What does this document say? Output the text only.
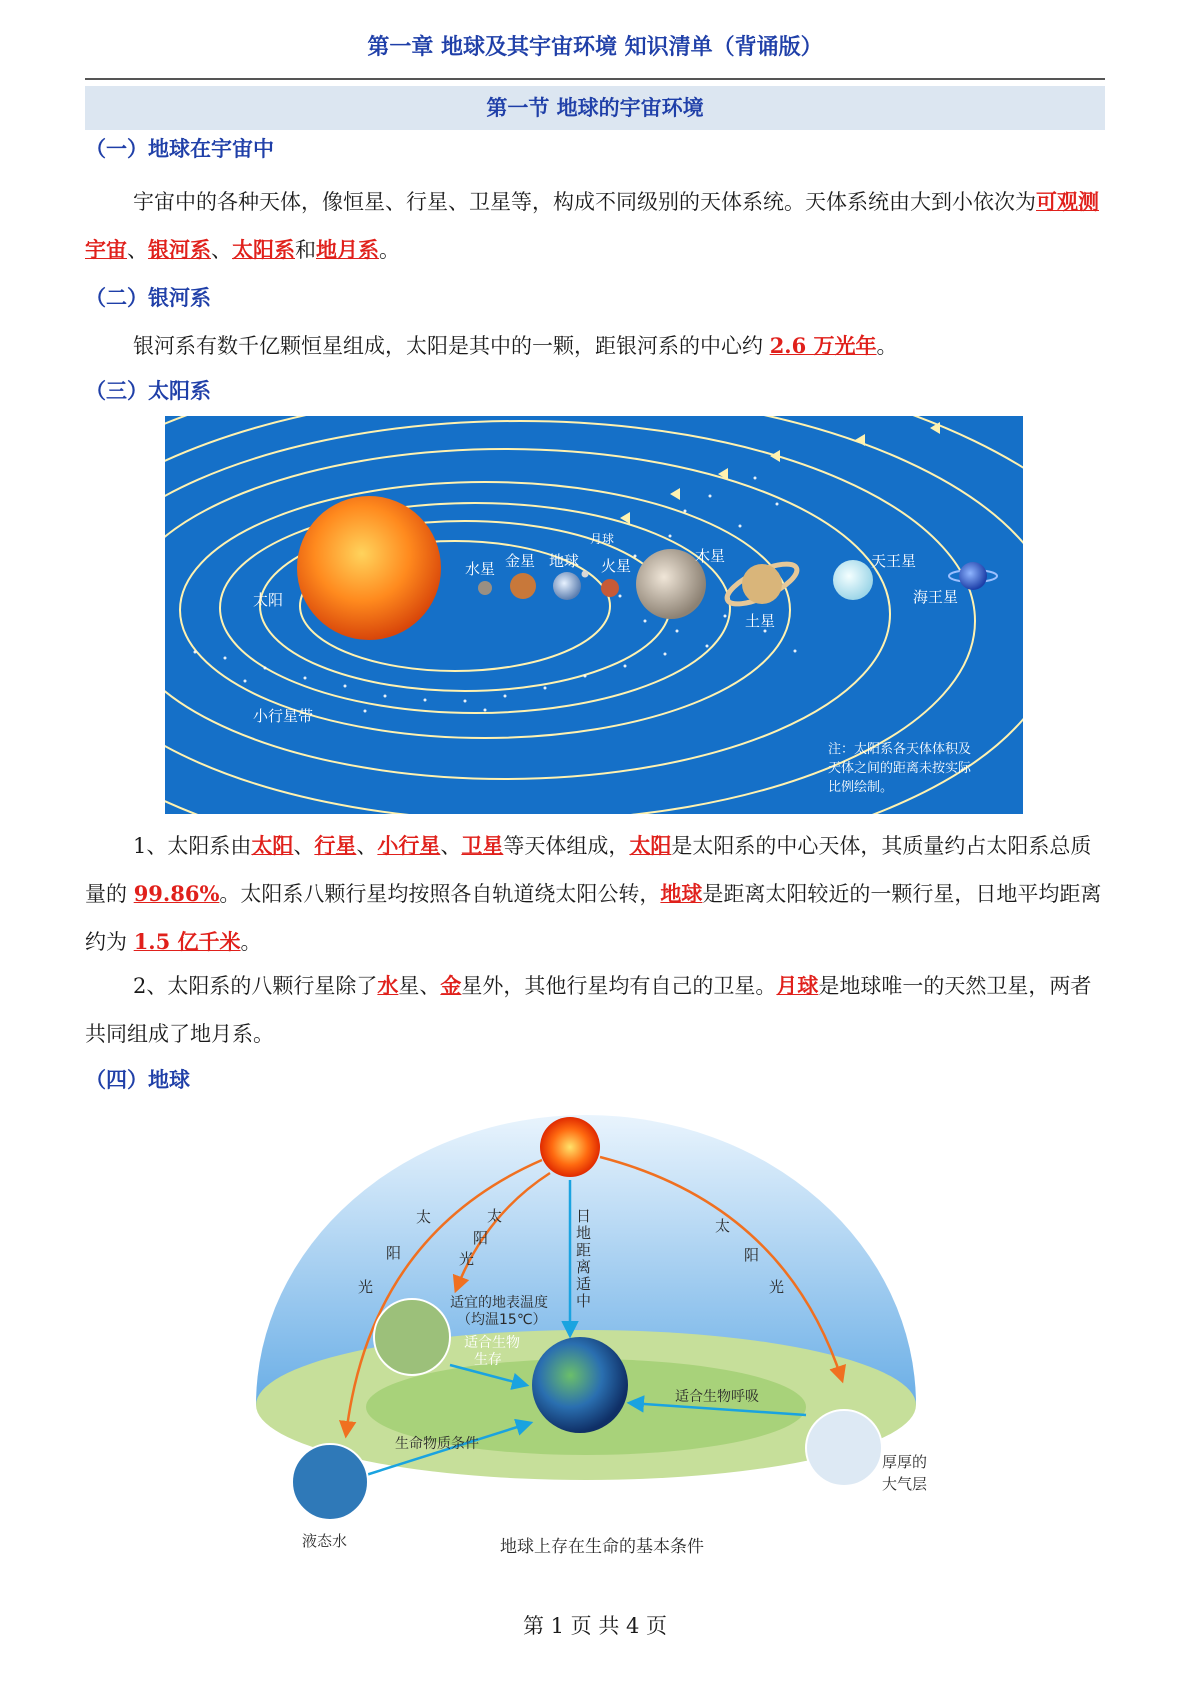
第一章 地球及其宇宙环境 知识清单（背诵版）
第一节 地球的宇宙环境
（一）地球在宇宙中
宇宙中的各种天体，像恒星、行星、卫星等，构成不同级别的天体系统。天体系统由大到小依次为可观测宇宙、银河系、太阳系和地月系。
（二）银河系
银河系有数千亿颗恒星组成，太阳是其中的一颗，距银河系的中心约 2.6 万光年。
（三）太阳系
太阳
水星 金星 地球
月球
火星
木星
土星
天王星
海王星
小行星带
注：太阳系各天体体积及
天体之间的距离未按实际
比例绘制。
1、太阳系由太阳、行星、小行星、卫星等天体组成，太阳是太阳系的中心天体，其质量约占太阳系总质量的 99.86%。太阳系八颗行星均按照各自轨道绕太阳公转，地球是距离太阳较近的一颗行星，日地平均距离约为 1.5 亿千米。
2、太阳系的八颗行星除了水星、金星外，其他行星均有自己的卫星。月球是地球唯一的天然卫星，两者共同组成了地月系。
（四）地球
太
阳
光
太
阳
光
太
阳
光
日
地
距
离
适
中
适宜的地表温度
（均温15℃）
适合生物
生存
适合生物呼吸
生命物质条件
液态水
厚厚的
大气层
地球上存在生命的基本条件
第 1 页 共 4 页
